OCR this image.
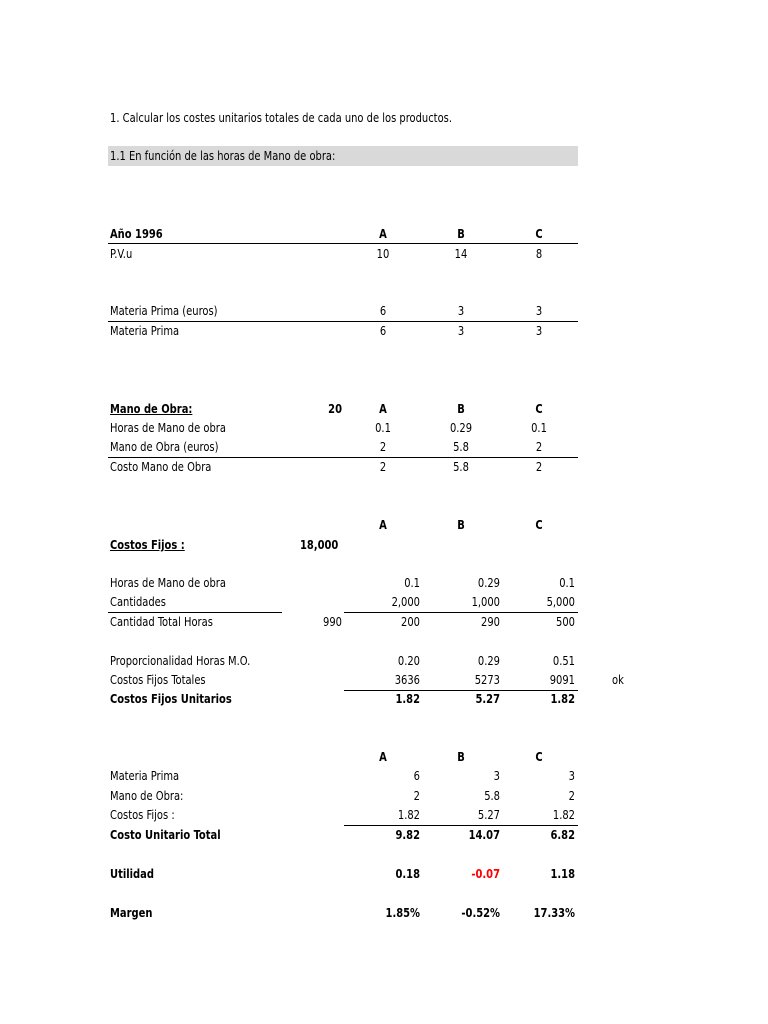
1. Calcular los costes unitarios totales de cada uno de los productos.
1.1 En función de las horas de Mano de obra:
Año 1996	A	B	C
P.V.u	10	14	8
Materia Prima (euros)	6	3	3
Materia Prima	6	3	3
Mano de Obra:	20	A	B	C
Horas de Mano de obra	0.1	0.29	0.1
Mano de Obra (euros)	2	5.8	2
Costo Mano de Obra	2	5.8	2
A	B	C
Costos Fijos :	18,000
Horas de Mano de obra	0.1	0.29	0.1
Cantidades	2,000	1,000	5,000
Cantidad Total Horas	990	200	290	500
Proporcionalidad Horas M.O.	0.20	0.29	0.51
Costos Fijos Totales	3636	5273	9091	ok
Costos Fijos Unitarios	1.82	5.27	1.82
A	B	C
Materia Prima	6	3	3
Mano de Obra:	2	5.8	2
Costos Fijos :	1.82	5.27	1.82
Costo Unitario Total	9.82	14.07	6.82
Utilidad	0.18	-0.07	1.18
Margen	1.85%	-0.52%	17.33%
